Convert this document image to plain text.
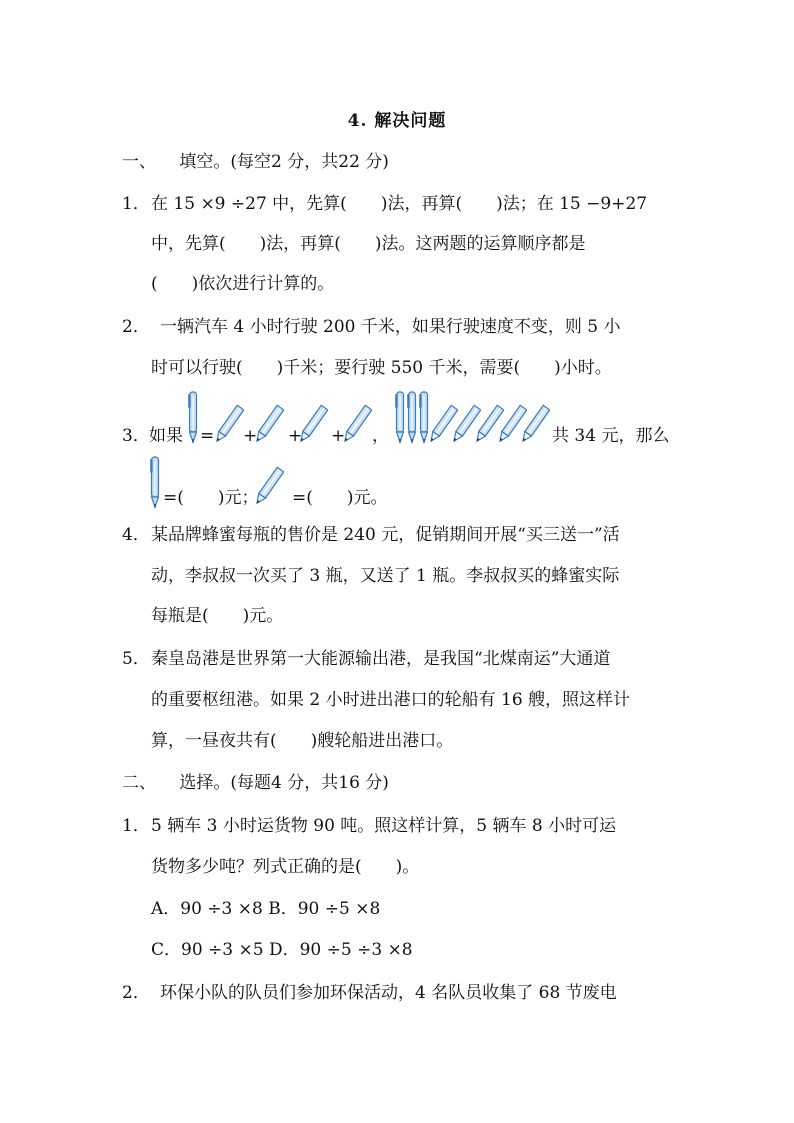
4. 解决问题
一、 填空。(每空2 分，共22 分)
1． 在 15 ×9 ÷27 中，先算(　　)法，再算(　　)法；在 15 −9+27
中，先算(　　)法，再算(　　)法。这两题的运算顺序都是
(　　)依次进行计算的。
2． 一辆汽车 4 小时行驶 200 千米，如果行驶速度不变，则 5 小
时可以行驶(　　)千米；要行驶 550 千米，需要(　　)小时。
3． 如果 = + + + ，	共 34 元，那么
=(　　)元； =(　　)元。
4． 某品牌蜂蜜每瓶的售价是 240 元，促销期间开展“买三送一”活
动，李叔叔一次买了 3 瓶，又送了 1 瓶。李叔叔买的蜂蜜实际
每瓶是(　　)元。
5． 秦皇岛港是世界第一大能源输出港，是我国“北煤南运”大通道
的重要枢纽港。如果 2 小时进出港口的轮船有 16 艘，照这样计
算，一昼夜共有(　　)艘轮船进出港口。
二、 选择。(每题4 分，共16 分)
1． 5 辆车 3 小时运货物 90 吨。照这样计算，5 辆车 8 小时可运
货物多少吨？列式正确的是(　　)。
A．90 ÷3 ×8 B．90 ÷5 ×8
C．90 ÷3 ×5 D．90 ÷5 ÷3 ×8
2． 环保小队的队员们参加环保活动，4 名队员收集了 68 节废电
